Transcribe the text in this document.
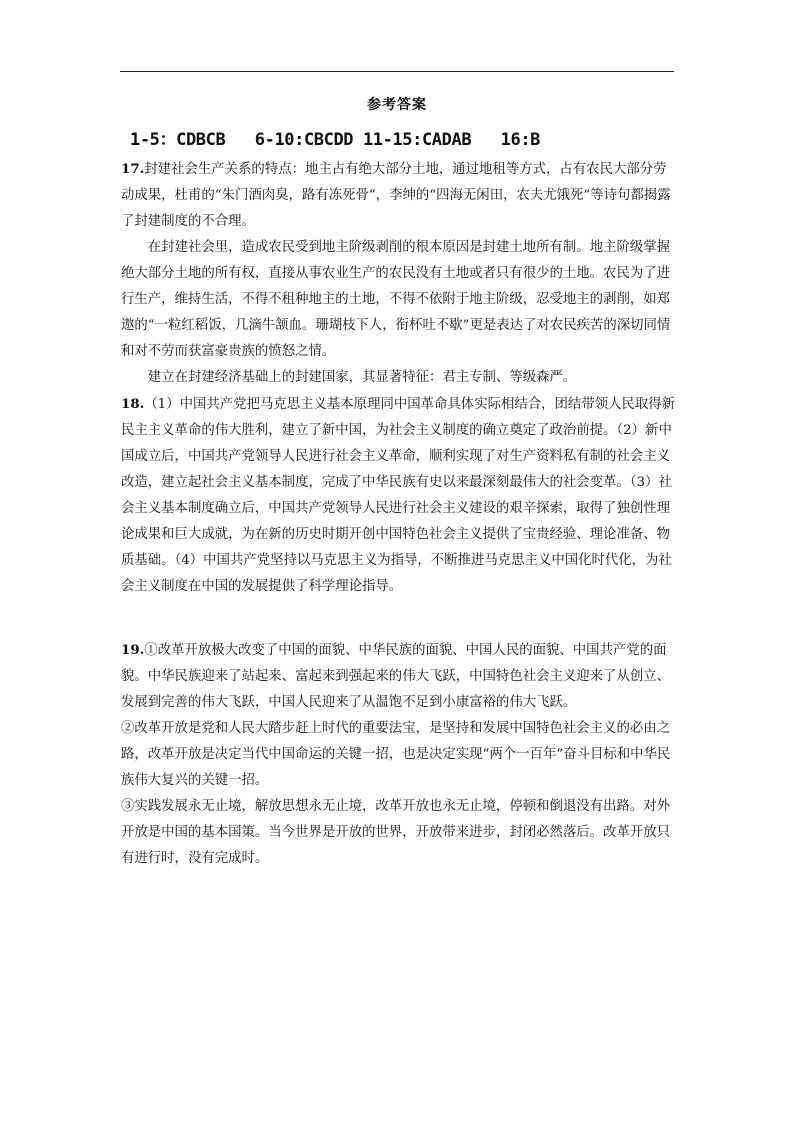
参考答案
1-5：CDBCB   6-10:CBCDD 11-15:CADAB   16:B

17.封建社会生产关系的特点：地主占有绝大部分土地，通过地租等方式，占有农民大部分劳动成果，杜甫的“朱门酒肉臭，路有冻死骨”，李绅的“四海无闲田，农夫尤饿死”等诗句都揭露了封建制度的不合理。

在封建社会里，造成农民受到地主阶级剥削的根本原因是封建土地所有制。地主阶级掌握绝大部分土地的所有权，直接从事农业生产的农民没有土地或者只有很少的土地。农民为了进行生产，维持生活，不得不租种地主的土地，不得不依附于地主阶级，忍受地主的剥削，如郑遨的“一粒红稻饭，几滴牛颔血。珊瑚枝下人，衔杯吐不歇”更是表达了对农民疾苦的深切同情和对不劳而获富豪贵族的愤怒之情。

建立在封建经济基础上的封建国家，其显著特征：君主专制、等级森严。

18.（1）中国共产党把马克思主义基本原理同中国革命具体实际相结合，团结带领人民取得新民主主义革命的伟大胜利，建立了新中国，为社会主义制度的确立奠定了政治前提。（2）新中国成立后，中国共产党领导人民进行社会主义革命，顺利实现了对生产资料私有制的社会主义改造，建立起社会主义基本制度，完成了中华民族有史以来最深刻最伟大的社会变革。（3）社会主义基本制度确立后，中国共产党领导人民进行社会主义建设的艰辛探索，取得了独创性理论成果和巨大成就，为在新的历史时期开创中国特色社会主义提供了宝贵经验、理论准备、物质基础。（4）中国共产党坚持以马克思主义为指导，不断推进马克思主义中国化时代化，为社会主义制度在中国的发展提供了科学理论指导。

19.①改革开放极大改变了中国的面貌、中华民族的面貌、中国人民的面貌、中国共产党的面貌。中华民族迎来了站起来、富起来到强起来的伟大飞跃，中国特色社会主义迎来了从创立、发展到完善的伟大飞跃，中国人民迎来了从温饱不足到小康富裕的伟大飞跃。

②改革开放是党和人民大踏步赶上时代的重要法宝，是坚持和发展中国特色社会主义的必由之路，改革开放是决定当代中国命运的关键一招，也是决定实现“两个一百年”奋斗目标和中华民族伟大复兴的关键一招。

③实践发展永无止境，解放思想永无止境，改革开放也永无止境，停顿和倒退没有出路。对外开放是中国的基本国策。当今世界是开放的世界，开放带来进步，封闭必然落后。改革开放只有进行时，没有完成时。
